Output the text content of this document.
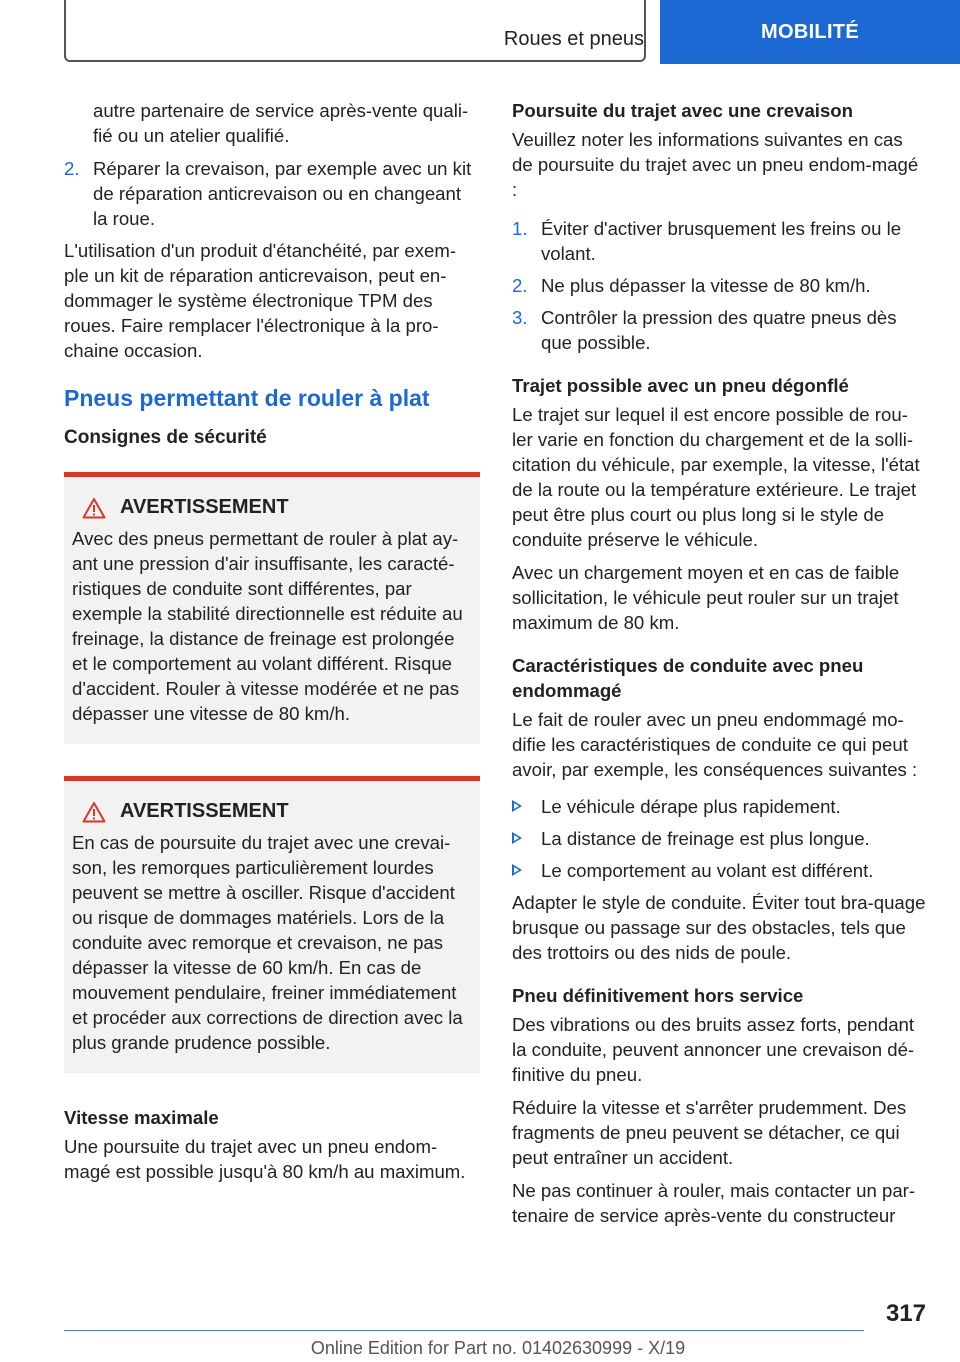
Roues et pneus	MOBILITÉ

autre partenaire de service après-vente quali-fié ou un atelier qualifié.

2. Réparer la crevaison, par exemple avec un kit de réparation anticrevaison ou en changeant la roue.

L'utilisation d'un produit d'étanchéité, par exem-ple un kit de réparation anticrevaison, peut en-dommager le système électronique TPM des roues. Faire remplacer l'électronique à la pro-chaine occasion.

Pneus permettant de rouler à plat
Consignes de sécurité
AVERTISSEMENT
Avec des pneus permettant de rouler à plat ay-ant une pression d'air insuffisante, les caracté-ristiques de conduite sont différentes, par exemple la stabilité directionnelle est réduite au freinage, la distance de freinage est prolongée et le comportement au volant différent. Risque d'accident. Rouler à vitesse modérée et ne pas dépasser une vitesse de 80 km/h.
AVERTISSEMENT
En cas de poursuite du trajet avec une crevai-son, les remorques particulièrement lourdes peuvent se mettre à osciller. Risque d'accident ou risque de dommages matériels. Lors de la conduite avec remorque et crevaison, ne pas dépasser la vitesse de 60 km/h. En cas de mouvement pendulaire, freiner immédiatement et procéder aux corrections de direction avec la plus grande prudence possible.
Vitesse maximale

Une poursuite du trajet avec un pneu endom-magé est possible jusqu'à 80 km/h au maximum.

Poursuite du trajet avec une crevaison

Veuillez noter les informations suivantes en cas de poursuite du trajet avec un pneu endom-magé :

1. Éviter d'activer brusquement les freins ou le volant.
2. Ne plus dépasser la vitesse de 80 km/h.
3. Contrôler la pression des quatre pneus dès que possible.
Trajet possible avec un pneu dégonflé

Le trajet sur lequel il est encore possible de rou-ler varie en fonction du chargement et de la solli-citation du véhicule, par exemple, la vitesse, l'état de la route ou la température extérieure. Le trajet peut être plus court ou plus long si le style de conduite préserve le véhicule.

Avec un chargement moyen et en cas de faible sollicitation, le véhicule peut rouler sur un trajet maximum de 80 km.

Caractéristiques de conduite avec pneu endommagé

Le fait de rouler avec un pneu endommagé mo-difie les caractéristiques de conduite ce qui peut avoir, par exemple, les conséquences suivantes :

Le véhicule dérape plus rapidement.
La distance de freinage est plus longue.
Le comportement au volant est différent.

Adapter le style de conduite. Éviter tout bra-quage brusque ou passage sur des obstacles, tels que des trottoirs ou des nids de poule.

Pneu définitivement hors service

Des vibrations ou des bruits assez forts, pendant la conduite, peuvent annoncer une crevaison dé-finitive du pneu.

Réduire la vitesse et s'arrêter prudemment. Des fragments de pneu peuvent se détacher, ce qui peut entraîner un accident.

Ne pas continuer à rouler, mais contacter un par-tenaire de service après-vente du constructeur

317
Online Edition for Part no. 01402630999 - X/19
